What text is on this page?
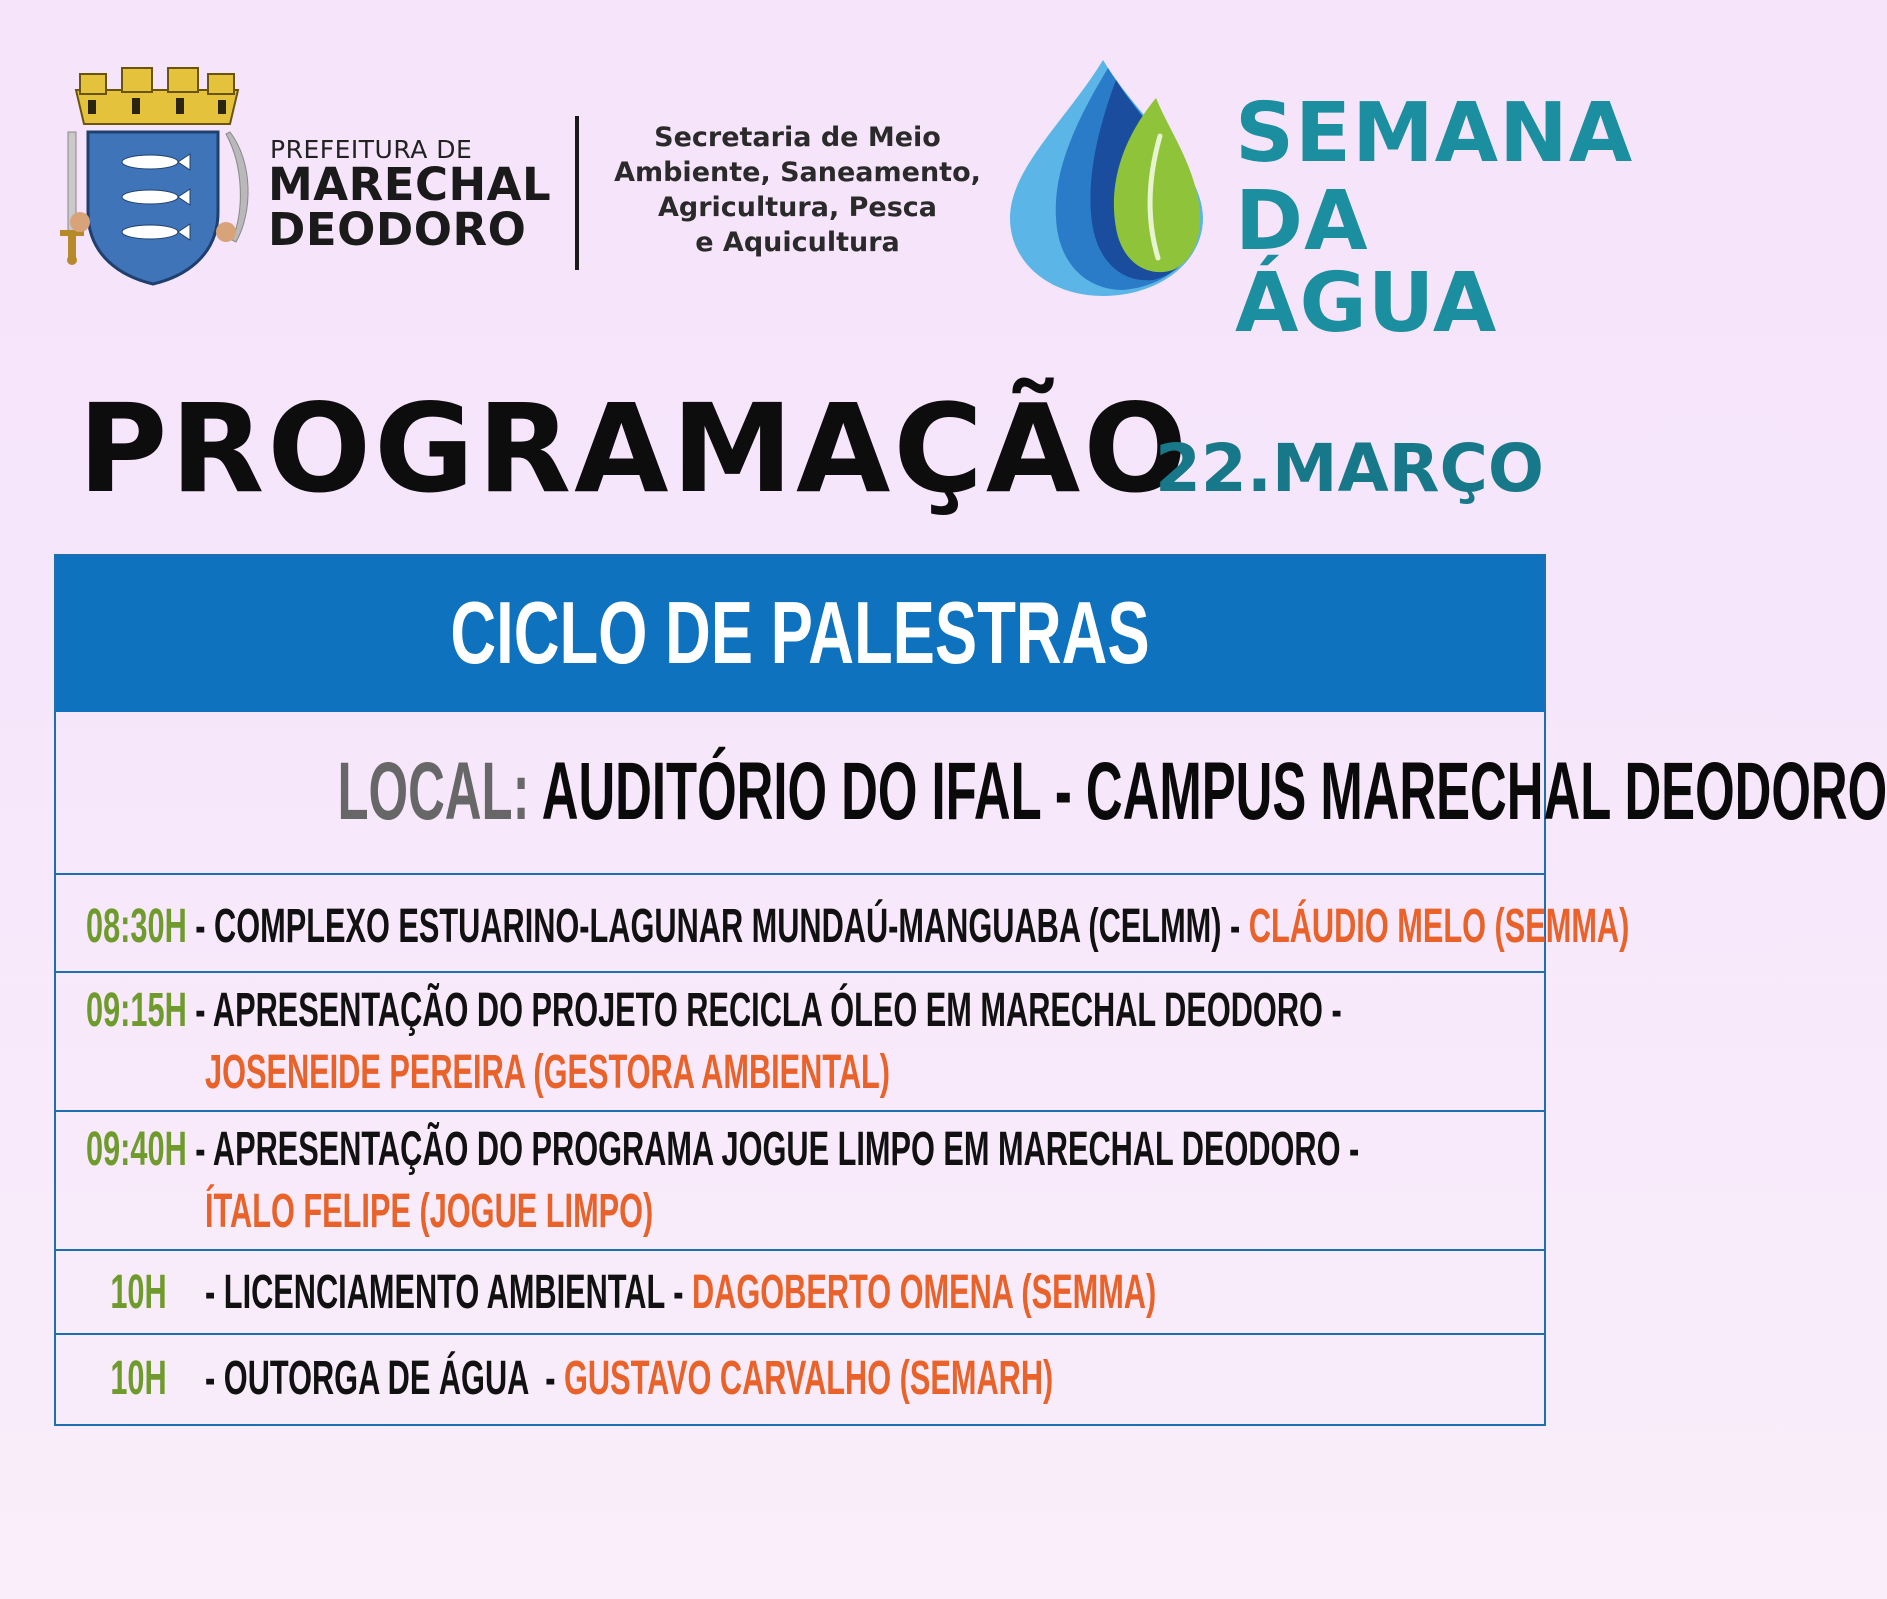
PREFEITURA DE
MARECHAL
DEODORO
Secretaria de Meio
Ambiente, Saneamento,
Agricultura, Pesca
e Aquicultura
SEMANA
DA ÁGUA
PROGRAMAÇÃO
22.MARÇO
CICLO DE PALESTRAS
LOCAL: AUDITÓRIO DO IFAL - CAMPUS MARECHAL DEODORO
08:30H - COMPLEXO ESTUARINO-LAGUNAR MUNDAÚ-MANGUABA (CELMM) - CLÁUDIO MELO (SEMMA)
09:15H - APRESENTAÇÃO DO PROJETO RECICLA ÓLEO EM MARECHAL DEODORO -
JOSENEIDE PEREIRA (GESTORA AMBIENTAL)
09:40H - APRESENTAÇÃO DO PROGRAMA JOGUE LIMPO EM MARECHAL DEODORO -
ÍTALO FELIPE (JOGUE LIMPO)
10H - LICENCIAMENTO AMBIENTAL - DAGOBERTO OMENA (SEMMA)
10H - OUTORGA DE ÁGUA  - GUSTAVO CARVALHO (SEMARH)
